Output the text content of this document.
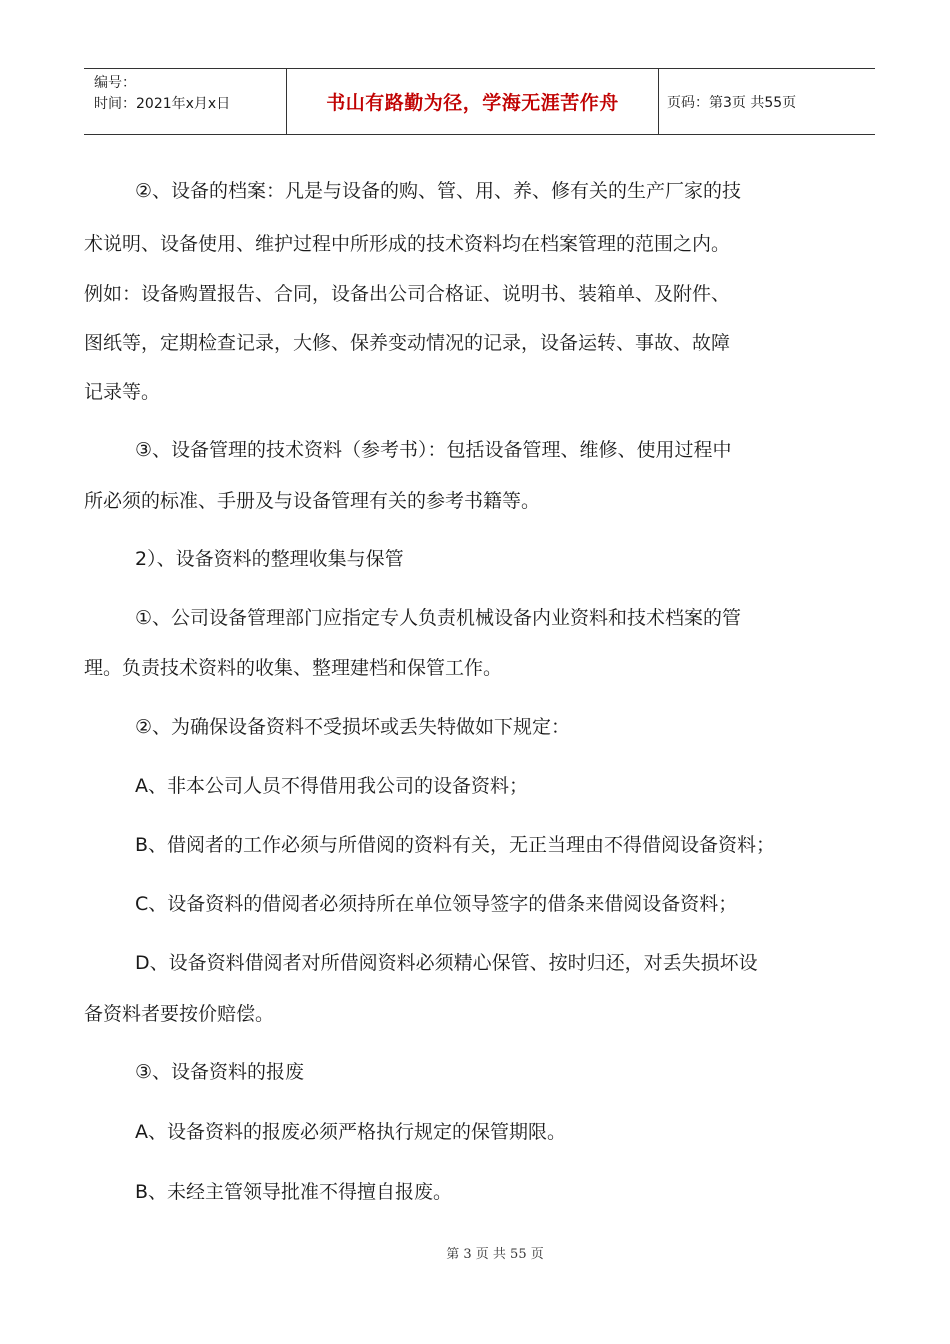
编号：
时间：2021年x月x日	书山有路勤为径，学海无涯苦作舟	页码：第3页 共55页
②、设备的档案：凡是与设备的购、管、用、养、修有关的生产厂家的技
术说明、设备使用、维护过程中所形成的技术资料均在档案管理的范围之内。
例如：设备购置报告、合同，设备出公司合格证、说明书、装箱单、及附件、
图纸等，定期检查记录，大修、保养变动情况的记录，设备运转、事故、故障
记录等。
③、设备管理的技术资料（参考书）：包括设备管理、维修、使用过程中
所必须的标准、手册及与设备管理有关的参考书籍等。
2）、设备资料的整理收集与保管
①、公司设备管理部门应指定专人负责机械设备内业资料和技术档案的管
理。负责技术资料的收集、整理建档和保管工作。
②、为确保设备资料不受损坏或丢失特做如下规定：
A、非本公司人员不得借用我公司的设备资料；
B、借阅者的工作必须与所借阅的资料有关，无正当理由不得借阅设备资料；
C、设备资料的借阅者必须持所在单位领导签字的借条来借阅设备资料；
D、设备资料借阅者对所借阅资料必须精心保管、按时归还，对丢失损坏设
备资料者要按价赔偿。
③、设备资料的报废
A、设备资料的报废必须严格执行规定的保管期限。
B、未经主管领导批准不得擅自报废。
第 3 页 共 55 页
